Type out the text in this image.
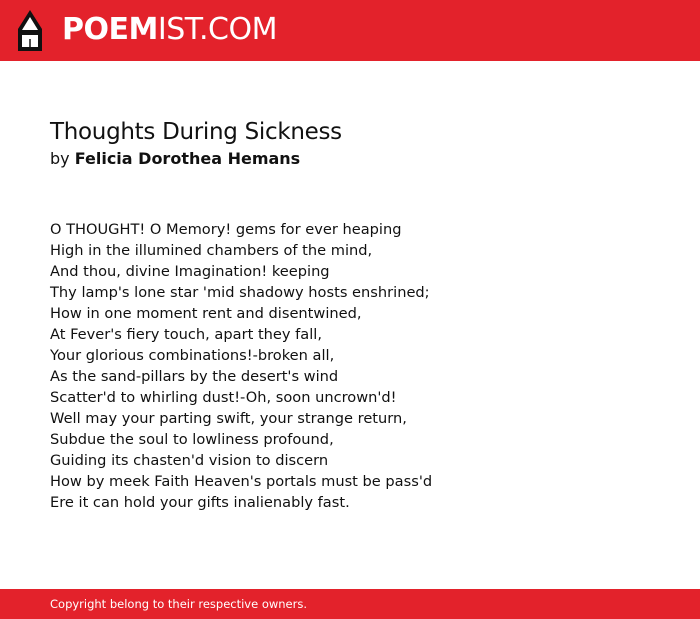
POEMIST.COM
Thoughts During Sickness
by Felicia Dorothea Hemans
O THOUGHT! O Memory! gems for ever heaping
High in the illumined chambers of the mind,
And thou, divine Imagination! keeping
Thy lamp's lone star 'mid shadowy hosts enshrined;
How in one moment rent and disentwined,
At Fever's fiery touch, apart they fall,
Your glorious combinations!-broken all,
As the sand-pillars by the desert's wind
Scatter'd to whirling dust!-Oh, soon uncrown'd!
Well may your parting swift, your strange return,
Subdue the soul to lowliness profound,
Guiding its chasten'd vision to discern
How by meek Faith Heaven's portals must be pass'd
Ere it can hold your gifts inalienably fast.
Copyright belong to their respective owners.
